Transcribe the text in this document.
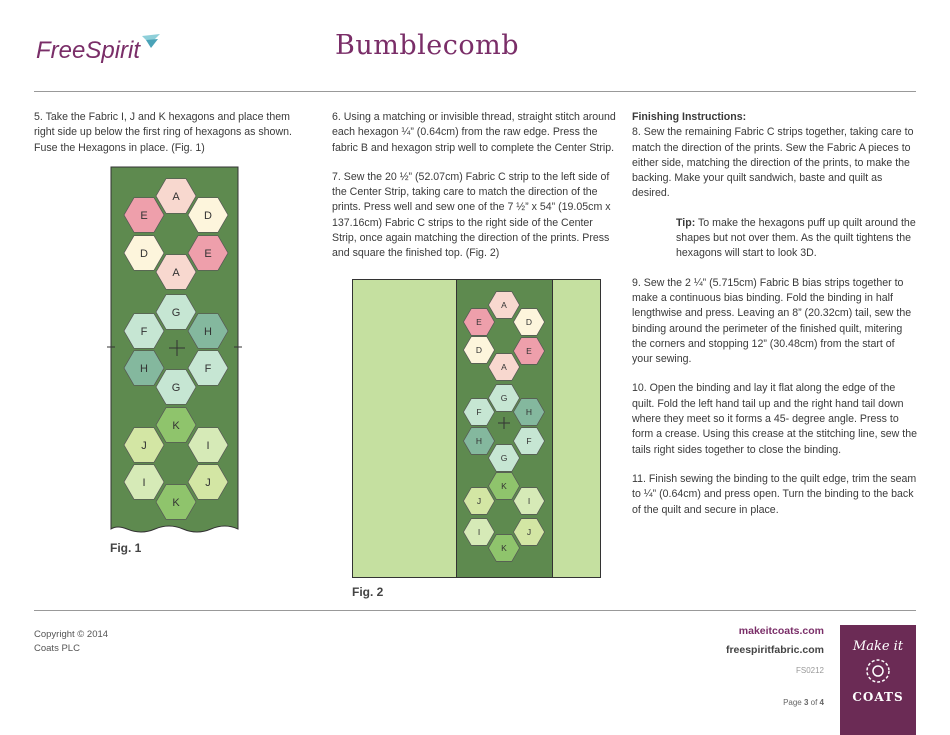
FreeSpirit	Bumblecomb

5. Take the Fabric I, J and K hexagons and place them right side up below the first ring of hexagons as shown. Fuse the Hexagons in place. (Fig. 1)

A
E	D
D	E
A
G
F	H
H	F
G
K
J	I
I	J
K
Fig. 1

6. Using a matching or invisible thread, straight stitch around each hexagon ¼” (0.64cm) from the raw edge. Press the fabric B and hexagon strip well to complete the Center Strip.

7. Sew the 20 ½” (52.07cm) Fabric C strip to the left side of the Center Strip, taking care to match the direction of the prints. Press well and sew one of the 7 ½” x 54” (19.05cm x 137.16cm) Fabric C strips to the right side of the Center Strip, once again matching the direction of the prints. Press and square the finished top. (Fig. 2)

A
E	D
D	E
A
G
F	H
H	F
G
K
J	I
I	J
K
Fig. 2
Finishing Instructions:

8. Sew the remaining Fabric C strips together, taking care to match the direction of the prints. Sew the Fabric A pieces to either side, matching the direction of the prints, to make the backing. Make your quilt sandwich, baste and quilt as desired.

Tip: To make the hexagons puff up quilt around the shapes but not over them. As the quilt tightens the hexagons will start to look 3D.

9. Sew the 2 ¼” (5.715cm) Fabric B bias strips together to make a continuous bias binding. Fold the binding in half lengthwise and press. Leaving an 8” (20.32cm) tail, sew the binding around the perimeter of the finished quilt, mitering the corners and stopping 12” (30.48cm) from the start of your sewing.

10. Open the binding and lay it flat along the edge of the quilt. Fold the left hand tail up and the right hand tail down where they meet so it forms a 45- degree angle. Press to form a crease. Using this crease at the stitching line, sew the tails right sides together to close the binding.

11. Finish sewing the binding to the quilt edge, trim the seam to ¼” (0.64cm) and press open. Turn the binding to the back of the quilt and secure in place.

Copyright © 2014
Coats PLC
makeitcoats.com
freespiritfabric.com
FS0212
Page 3 of 4
Make it
COATS
